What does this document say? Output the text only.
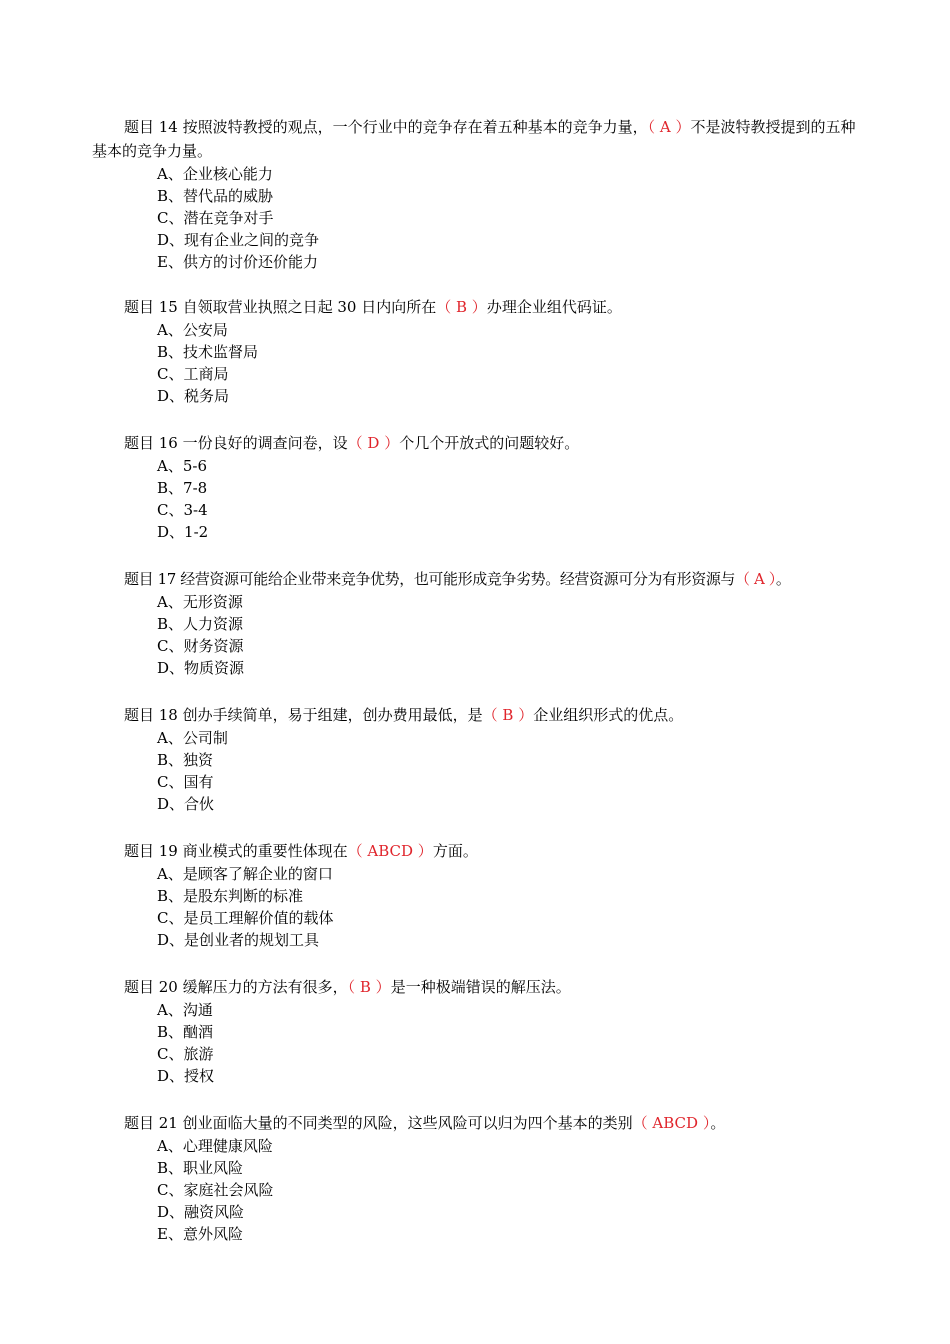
题目 14 按照波特教授的观点，一个行业中的竞争存在着五种基本的竞争力量，（ A ）不是波特教授提到的五种基本的竞争力量。

A、企业核心能力
B、替代品的威胁
C、潜在竞争对手
D、现有企业之间的竞争
E、供方的讨价还价能力

题目 15 自领取营业执照之日起 30 日内向所在（ B ）办理企业组代码证。

A、公安局
B、技术监督局
C、工商局
D、税务局

题目 16 一份良好的调查问卷，设（ D ）个几个开放式的问题较好。

A、5-6
B、7-8
C、3-4
D、1-2

题目 17 经营资源可能给企业带来竞争优势，也可能形成竞争劣势。经营资源可分为有形资源与（ A ）。

A、无形资源
B、人力资源
C、财务资源
D、物质资源

题目 18 创办手续简单，易于组建，创办费用最低，是（ B ）企业组织形式的优点。

A、公司制
B、独资
C、国有
D、合伙

题目 19 商业模式的重要性体现在（ ABCD ）方面。

A、是顾客了解企业的窗口
B、是股东判断的标准
C、是员工理解价值的载体
D、是创业者的规划工具

题目 20 缓解压力的方法有很多，（ B ）是一种极端错误的解压法。

A、沟通
B、酗酒
C、旅游
D、授权

题目 21 创业面临大量的不同类型的风险，这些风险可以归为四个基本的类别（ ABCD ）。

A、心理健康风险
B、职业风险
C、家庭社会风险
D、融资风险
E、意外风险
